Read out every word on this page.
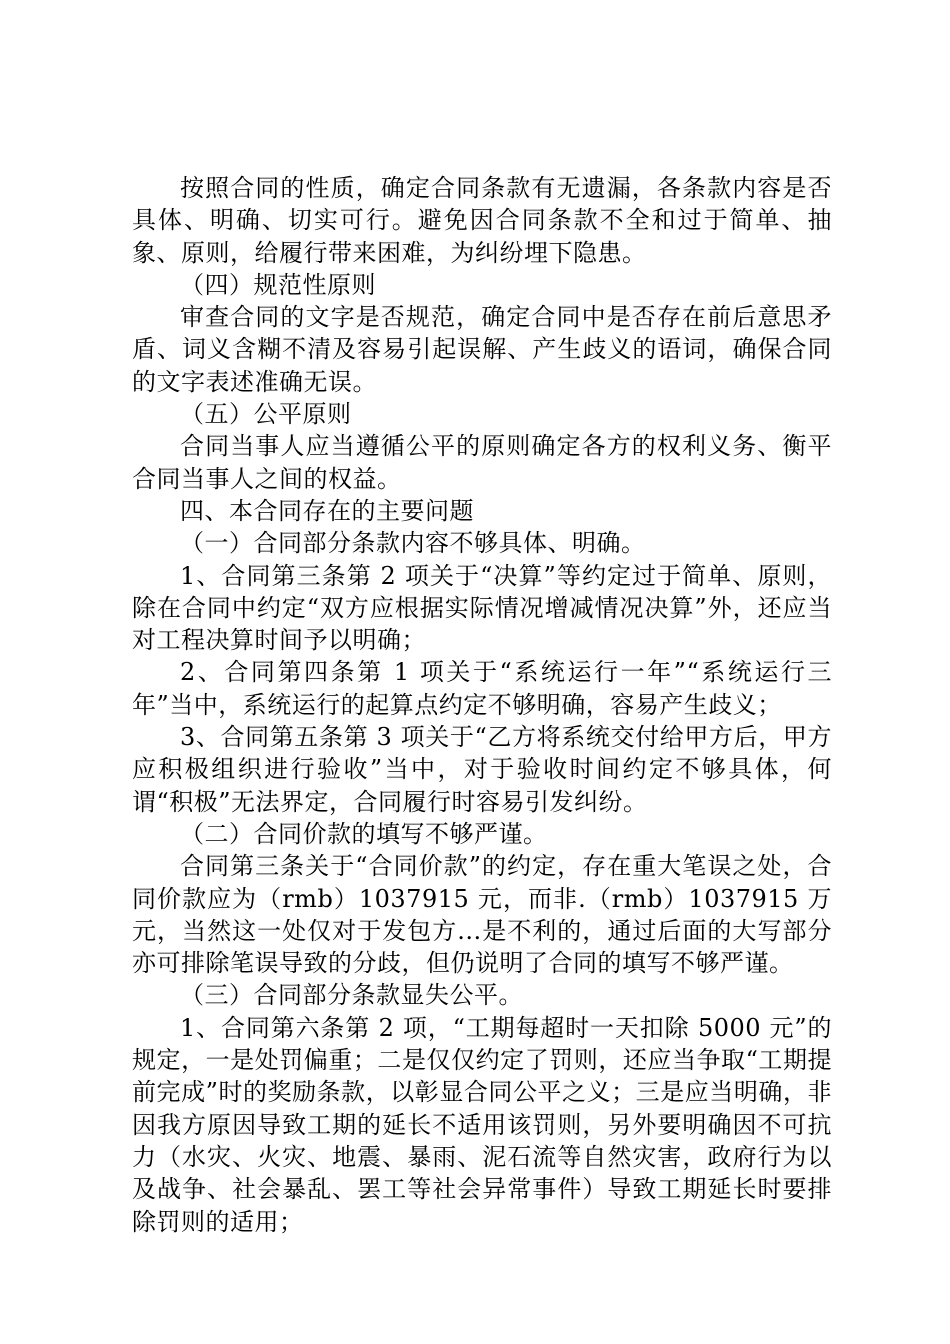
按照合同的性质，确定合同条款有无遗漏，各条款内容是否具体、明确、切实可行。避免因合同条款不全和过于简单、抽象、原则，给履行带来困难，为纠纷埋下隐患。

（四）规范性原则

审查合同的文字是否规范，确定合同中是否存在前后意思矛盾、词义含糊不清及容易引起误解、产生歧义的语词，确保合同的文字表述准确无误。

（五）公平原则

合同当事人应当遵循公平的原则确定各方的权利义务、衡平合同当事人之间的权益。

四、本合同存在的主要问题

（一）合同部分条款内容不够具体、明确。

1、合同第三条第 2 项关于“决算”等约定过于简单、原则，除在合同中约定“双方应根据实际情况增减情况决算”外，还应当对工程决算时间予以明确；

2、合同第四条第 1 项关于“系统运行一年”“系统运行三年”当中，系统运行的起算点约定不够明确，容易产生歧义；

3、合同第五条第 3 项关于“乙方将系统交付给甲方后，甲方应积极组织进行验收”当中，对于验收时间约定不够具体，何谓“积极”无法界定，合同履行时容易引发纠纷。

（二）合同价款的填写不够严谨。

合同第三条关于“合同价款”的约定，存在重大笔误之处，合同价款应为（rmb）1037915 元，而非.（rmb）1037915 万元，当然这一处仅对于发包方...是不利的，通过后面的大写部分亦可排除笔误导致的分歧，但仍说明了合同的填写不够严谨。

（三）合同部分条款显失公平。

1、合同第六条第 2 项，“工期每超时一天扣除 5000 元”的规定，一是处罚偏重；二是仅仅约定了罚则，还应当争取“工期提前完成”时的奖励条款，以彰显合同公平之义；三是应当明确，非因我方原因导致工期的延长不适用该罚则，另外要明确因不可抗力（水灾、火灾、地震、暴雨、泥石流等自然灾害，政府行为以及战争、社会暴乱、罢工等社会异常事件）导致工期延长时要排除罚则的适用；
